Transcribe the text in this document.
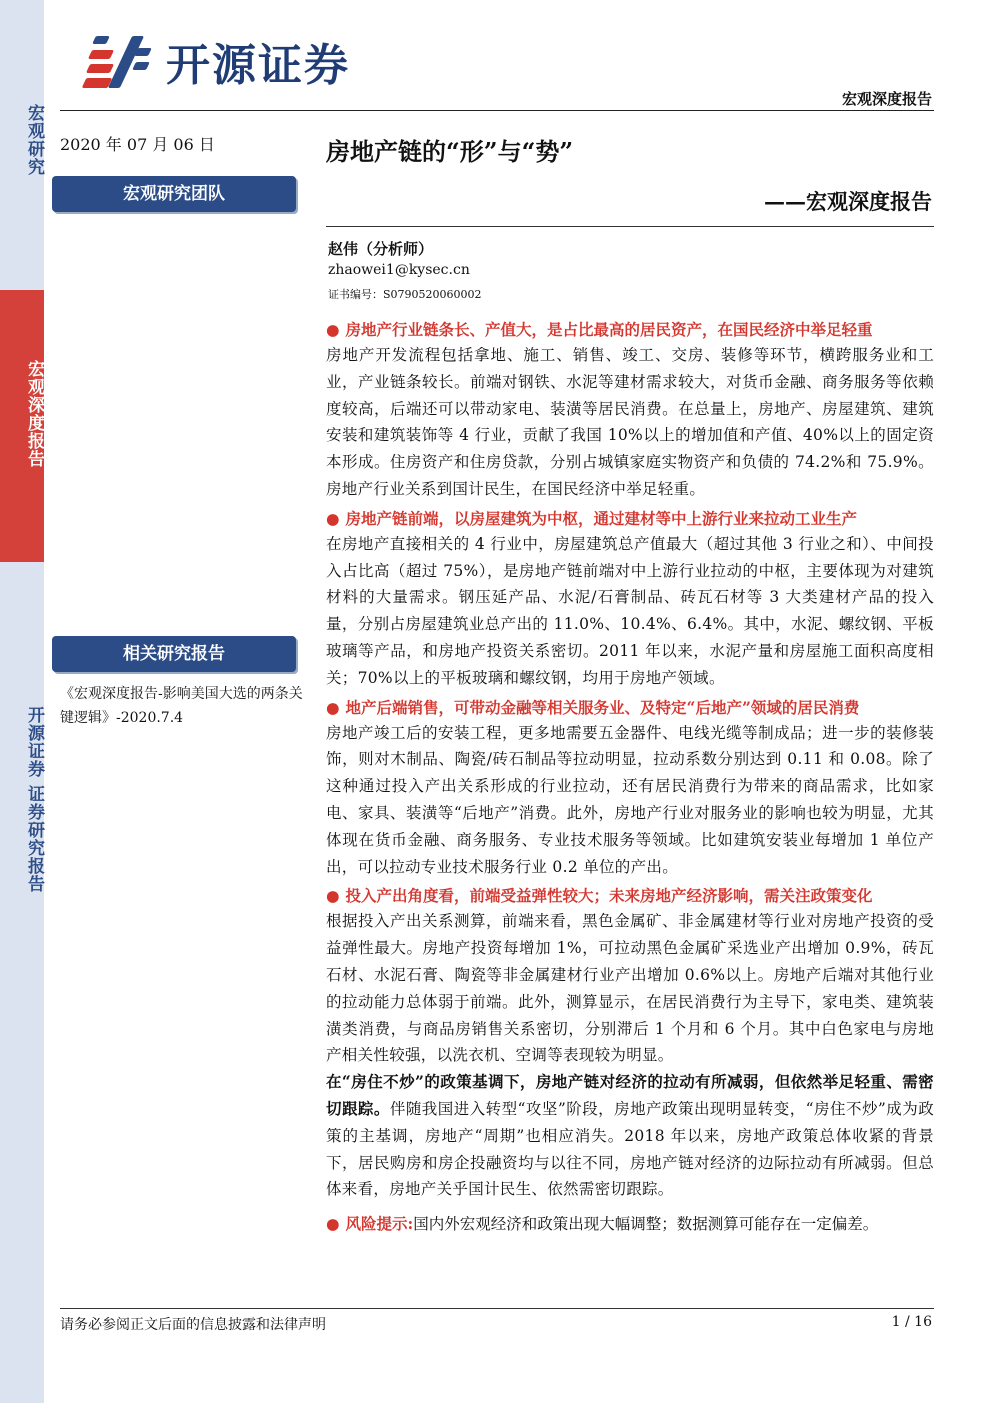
宏观研究
宏观深度报告
开源证券 证券研究报告
开源证券
宏观深度报告
2020 年 07 月 06 日
宏观研究团队
相关研究报告
《宏观深度报告-影响美国大选的两条关键逻辑》-2020.7.4
房地产链的“形”与“势”
——宏观深度报告
赵伟（分析师）
zhaowei1@kysec.cn
证书编号：S0790520060002
● 房地产行业链条长、产值大，是占比最高的居民资产，在国民经济中举足轻重

房地产开发流程包括拿地、施工、销售、竣工、交房、装修等环节，横跨服务业和工业，产业链条较长。前端对钢铁、水泥等建材需求较大，对货币金融、商务服务等依赖度较高，后端还可以带动家电、装潢等居民消费。在总量上，房地产、房屋建筑、建筑安装和建筑装饰等 4 行业，贡献了我国 10%以上的增加值和产值、40%以上的固定资本形成。住房资产和住房贷款，分别占城镇家庭实物资产和负债的 74.2%和 75.9%。房地产行业关系到国计民生，在国民经济中举足轻重。

● 房地产链前端，以房屋建筑为中枢，通过建材等中上游行业来拉动工业生产

在房地产直接相关的 4 行业中，房屋建筑总产值最大（超过其他 3 行业之和）、中间投入占比高（超过 75%），是房地产链前端对中上游行业拉动的中枢，主要体现为对建筑材料的大量需求。钢压延产品、水泥/石膏制品、砖瓦石材等 3 大类建材产品的投入量，分别占房屋建筑业总产出的 11.0%、10.4%、6.4%。其中，水泥、螺纹钢、平板玻璃等产品，和房地产投资关系密切。2011 年以来，水泥产量和房屋施工面积高度相关；70%以上的平板玻璃和螺纹钢，均用于房地产领域。

● 地产后端销售，可带动金融等相关服务业、及特定“后地产”领域的居民消费

房地产竣工后的安装工程，更多地需要五金器件、电线光缆等制成品；进一步的装修装饰，则对木制品、陶瓷/砖石制品等拉动明显，拉动系数分别达到 0.11 和 0.08。除了这种通过投入产出关系形成的行业拉动，还有居民消费行为带来的商品需求，比如家电、家具、装潢等“后地产”消费。此外，房地产行业对服务业的影响也较为明显，尤其体现在货币金融、商务服务、专业技术服务等领域。比如建筑安装业每增加 1 单位产出，可以拉动专业技术服务行业 0.2 单位的产出。

● 投入产出角度看，前端受益弹性较大；未来房地产经济影响，需关注政策变化

根据投入产出关系测算，前端来看，黑色金属矿、非金属建材等行业对房地产投资的受益弹性最大。房地产投资每增加 1%，可拉动黑色金属矿采选业产出增加 0.9%，砖瓦石材、水泥石膏、陶瓷等非金属建材行业产出增加 0.6%以上。房地产后端对其他行业的拉动能力总体弱于前端。此外，测算显示，在居民消费行为主导下，家电类、建筑装潢类消费，与商品房销售关系密切，分别滞后 1 个月和 6 个月。其中白色家电与房地产相关性较强，以洗衣机、空调等表现较为明显。

在“房住不炒”的政策基调下，房地产链对经济的拉动有所减弱，但依然举足轻重、需密切跟踪。伴随我国进入转型“攻坚”阶段，房地产政策出现明显转变，“房住不炒”成为政策的主基调，房地产“周期”也相应消失。2018 年以来，房地产政策总体收紧的背景下，居民购房和房企投融资均与以往不同，房地产链对经济的边际拉动有所减弱。但总体来看，房地产关乎国计民生、依然需密切跟踪。

● 风险提示:国内外宏观经济和政策出现大幅调整；数据测算可能存在一定偏差。
请务必参阅正文后面的信息披露和法律声明	1 / 16
